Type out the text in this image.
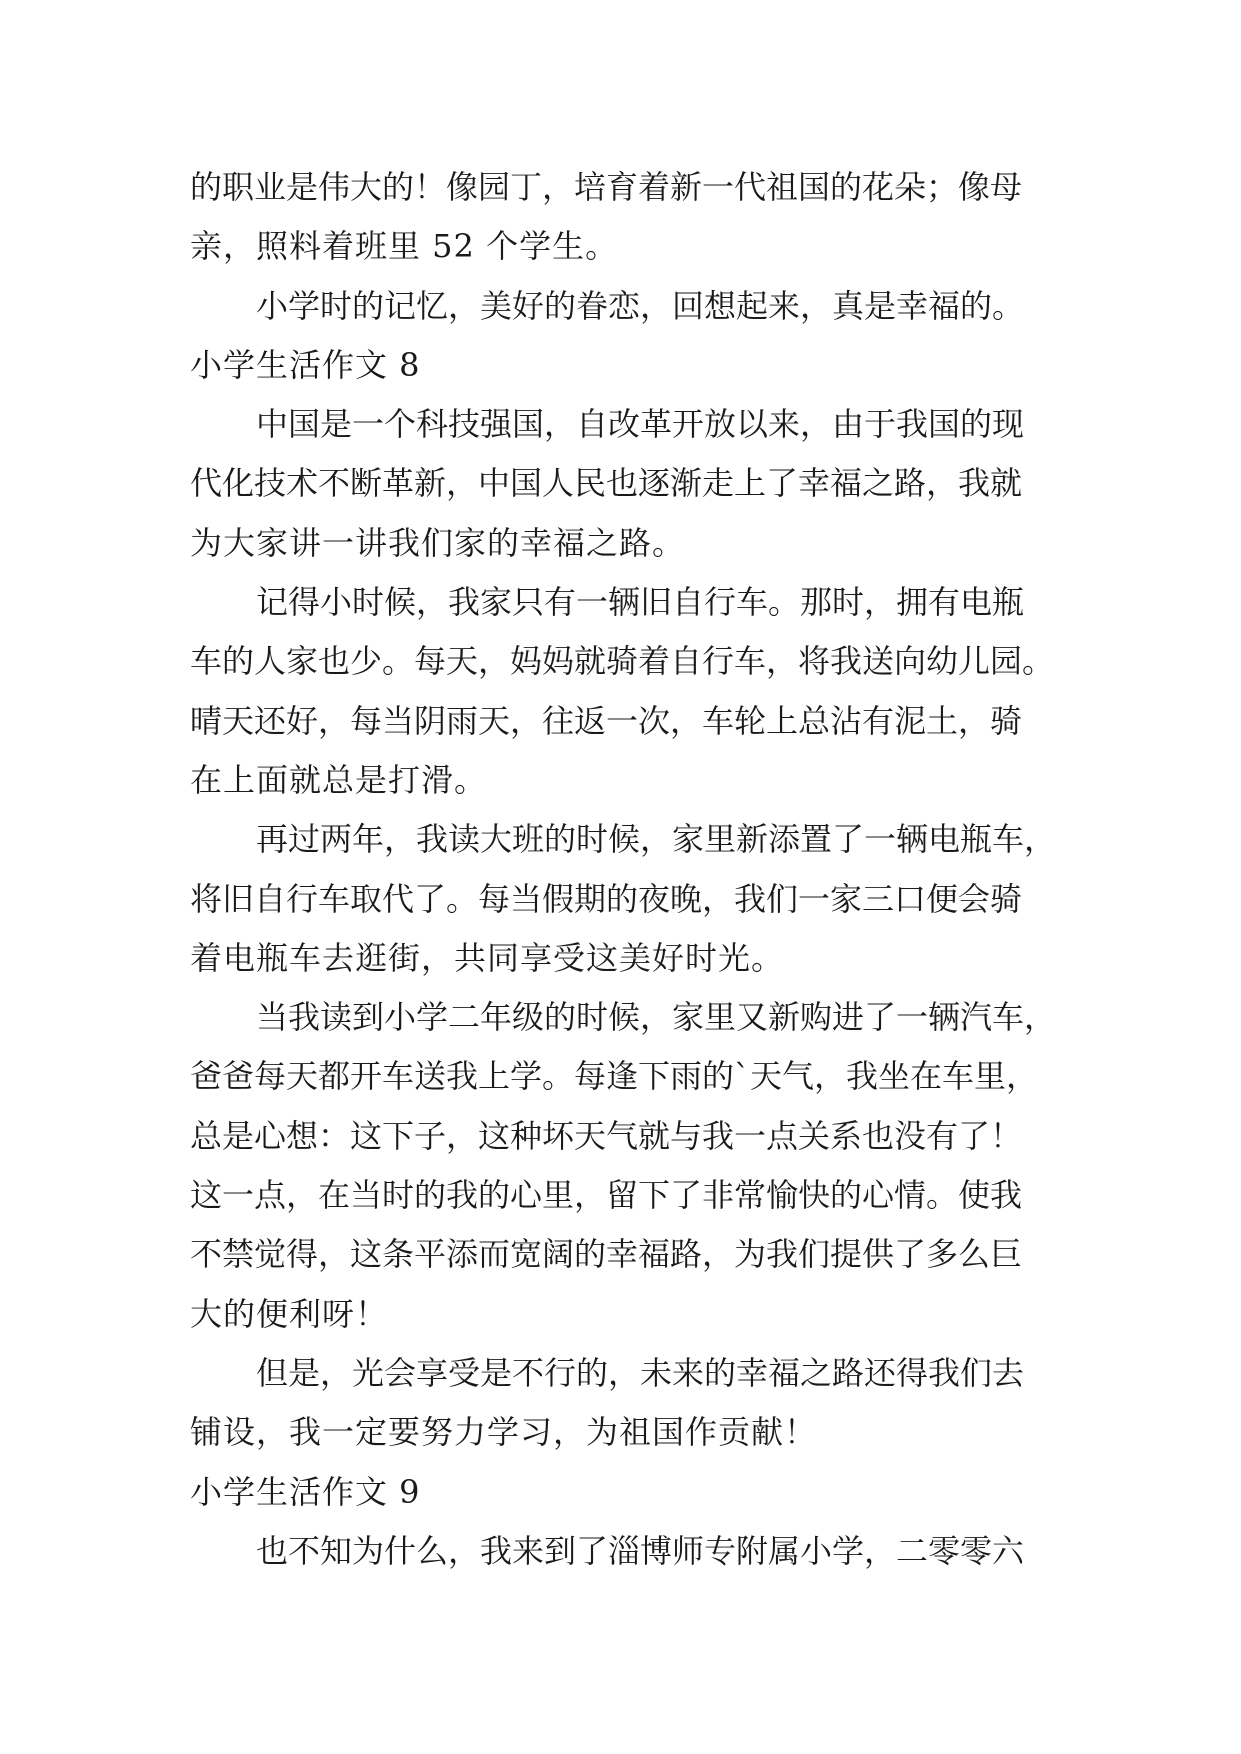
的职业是伟大的！像园丁，培育着新一代祖国的花朵；像母
亲，照料着班里 52 个学生。
小学时的记忆，美好的眷恋，回想起来，真是幸福的。
小学生活作文 8
中国是一个科技强国，自改革开放以来，由于我国的现
代化技术不断革新，中国人民也逐渐走上了幸福之路，我就
为大家讲一讲我们家的幸福之路。
记得小时候，我家只有一辆旧自行车。那时，拥有电瓶
车的人家也少。每天，妈妈就骑着自行车，将我送向幼儿园。
晴天还好，每当阴雨天，往返一次，车轮上总沾有泥土，骑
在上面就总是打滑。
再过两年，我读大班的时候，家里新添置了一辆电瓶车，
将旧自行车取代了。每当假期的夜晚，我们一家三口便会骑
着电瓶车去逛街，共同享受这美好时光。
当我读到小学二年级的时候，家里又新购进了一辆汽车，
爸爸每天都开车送我上学。每逢下雨的`天气，我坐在车里，
总是心想：这下子，这种坏天气就与我一点关系也没有了！
这一点，在当时的我的心里，留下了非常愉快的心情。使我
不禁觉得，这条平添而宽阔的幸福路，为我们提供了多么巨
大的便利呀！
但是，光会享受是不行的，未来的幸福之路还得我们去
铺设，我一定要努力学习，为祖国作贡献！
小学生活作文 9
也不知为什么，我来到了淄博师专附属小学，二零零六
